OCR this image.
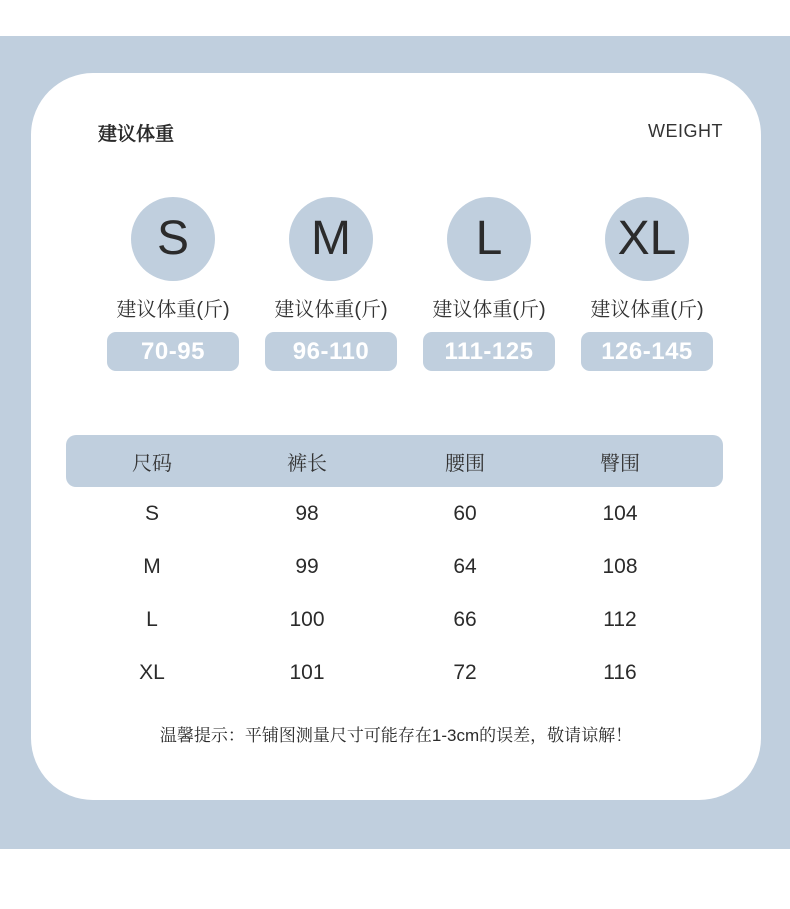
建议体重	WEIGHT
S
建议体重(斤)
70-95
M
建议体重(斤)
96-110
L
建议体重(斤)
111-125
XL
建议体重(斤)
126-145
尺码	裤长	腰围	臀围
S	98	60	104
M	99	64	108
L	100	66	112
XL	101	72	116
温馨提示：平铺图测量尺寸可能存在1-3cm的误差，敬请谅解！
